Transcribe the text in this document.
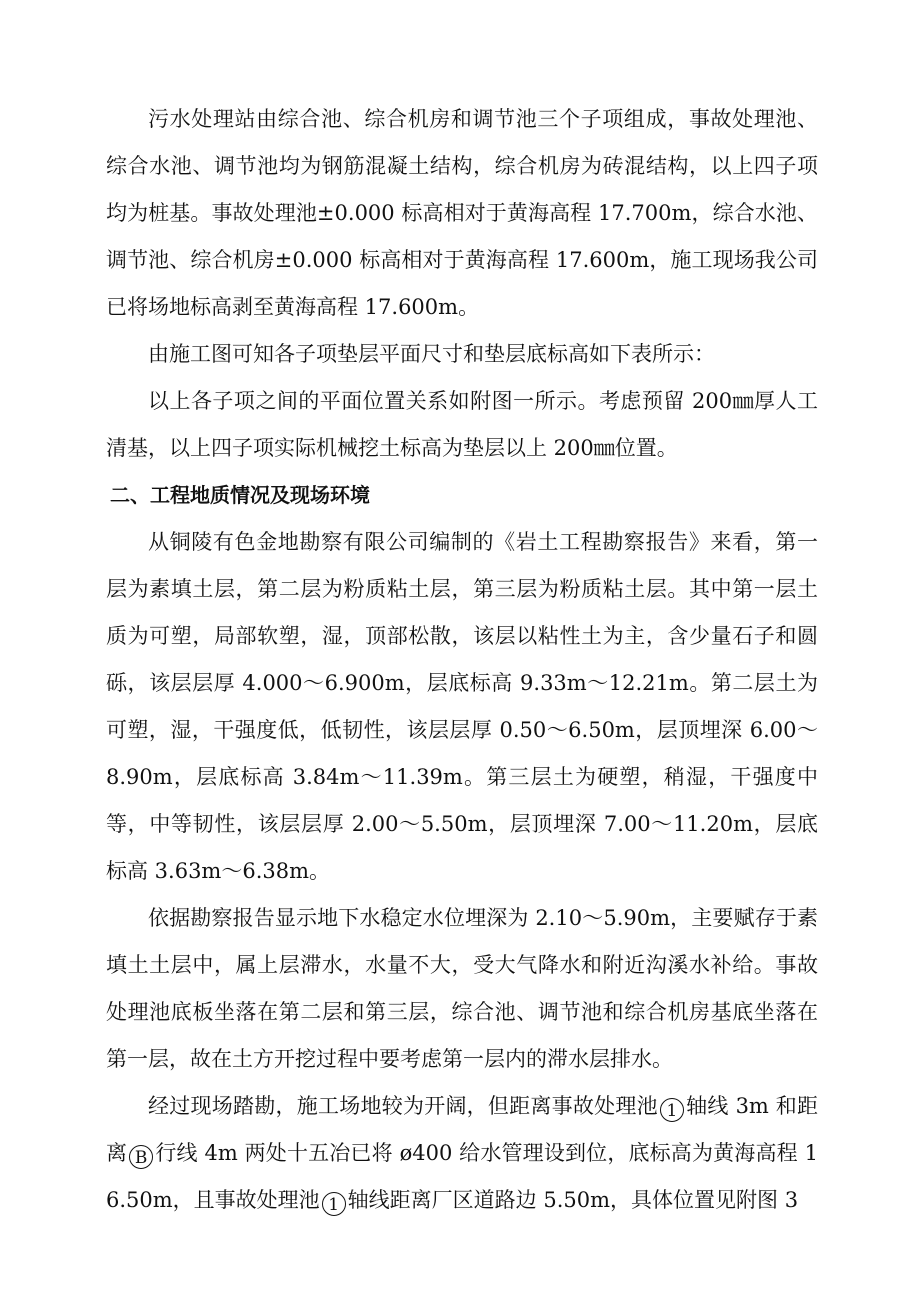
污水处理站由综合池、综合机房和调节池三个子项组成，事故处理池、综合水池、调节池均为钢筋混凝土结构，综合机房为砖混结构，以上四子项均为桩基。事故处理池±0.000 标高相对于黄海高程 17.700m，综合水池、调节池、综合机房±0.000 标高相对于黄海高程 17.600m，施工现场我公司已将场地标高剥至黄海高程 17.600m。

由施工图可知各子项垫层平面尺寸和垫层底标高如下表所示：

以上各子项之间的平面位置关系如附图一所示。考虑预留 200㎜厚人工清基，以上四子项实际机械挖土标高为垫层以上 200㎜位置。

二、工程地质情况及现场环境

从铜陵有色金地勘察有限公司编制的《岩土工程勘察报告》来看，第一层为素填土层，第二层为粉质粘土层，第三层为粉质粘土层。其中第一层土质为可塑，局部软塑，湿，顶部松散，该层以粘性土为主，含少量石子和圆砾，该层层厚 4.000～6.900m，层底标高 9.33m～12.21m。第二层土为可塑，湿，干强度低，低韧性，该层层厚 0.50～6.50m，层顶埋深 6.00～8.90m，层底标高 3.84m～11.39m。第三层土为硬塑，稍湿，干强度中等，中等韧性，该层层厚 2.00～5.50m，层顶埋深 7.00～11.20m，层底标高 3.63m～6.38m。

依据勘察报告显示地下水稳定水位埋深为 2.10～5.90m，主要赋存于素填土土层中，属上层滞水，水量不大，受大气降水和附近沟溪水补给。事故处理池底板坐落在第二层和第三层，综合池、调节池和综合机房基底坐落在第一层，故在土方开挖过程中要考虑第一层内的滞水层排水。

经过现场踏勘，施工场地较为开阔，但距离事故处理池 1 轴线 3m 和距离 B 行线 4m 两处十五冶已将 ø400 给水管理设到位，底标高为黄海高程 16.50m，且事故处理池 1 轴线距离厂区道路边 5.50m，具体位置见附图 3
